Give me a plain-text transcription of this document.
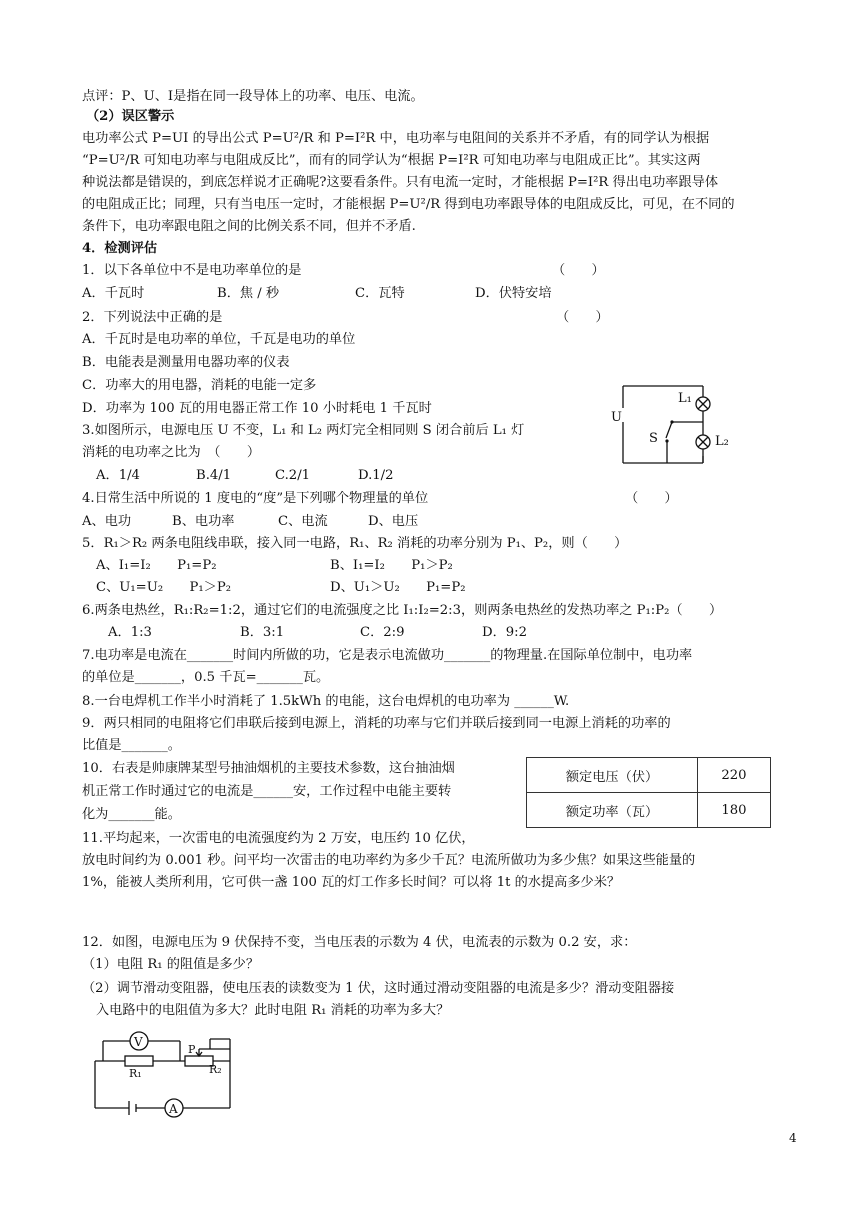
点评：P、U、I是指在同一段导体上的功率、电压、电流。
（2）误区警示
电功率公式 P=UI 的导出公式 P=U²/R 和 P=I²R 中，电功率与电阻间的关系并不矛盾，有的同学认为根据
“P=U²/R 可知电功率与电阻成反比”，而有的同学认为“根据 P=I²R 可知电功率与电阻成正比”。其实这两
种说法都是错误的，到底怎样说才正确呢?这要看条件。只有电流一定时，才能根据 P=I²R 得出电功率跟导体
的电阻成正比；同理，只有当电压一定时，才能根据 P=U²/R 得到电功率跟导体的电阻成反比，可见，在不同的
条件下，电功率跟电阻之间的比例关系不同，但并不矛盾.
4．检测评估
1．以下各单位中不是电功率单位的是	（　　）
A．千瓦时	B．焦 / 秒	C．瓦特	D．伏特安培
2．下列说法中正确的是	（　　）
A．千瓦时是电功率的单位，千瓦是电功的单位
B．电能表是测量用电器功率的仪表
C．功率大的用电器，消耗的电能一定多
D．功率为 100 瓦的用电器正常工作 10 小时耗电 1 千瓦时
3.如图所示，电源电压 U 不变，L₁ 和 L₂ 两灯完全相同则 S 闭合前后 L₁ 灯
消耗的电功率之比为　（　　）
A．1/4	B.4/1	C.2/1	D.1/2
U
L₁
L₂
S
4.日常生活中所说的 1 度电的“度”是下列哪个物理量的单位	（　　）
A、电功	B、电功率	C、电流	D、电压
5．R₁＞R₂ 两条电阻线串联，接入同一电路，R₁、R₂ 消耗的功率分别为 P₁、P₂，则（　　）
A、I₁=I₂　　P₁=P₂	B、I₁=I₂　　P₁＞P₂
C、U₁=U₂　　P₁＞P₂	D、U₁＞U₂　　P₁=P₂
6.两条电热丝，R₁:R₂=1:2，通过它们的电流强度之比 I₁:I₂=2:3，则两条电热丝的发热功率之 P₁:P₂（　　）
A．1:3	B．3:1	C．2:9	D．9:2
7.电功率是电流在_______时间内所做的功，它是表示电流做功_______的物理量.在国际单位制中，电功率
的单位是_______，0.5 千瓦=_______瓦。
8.一台电焊机工作半小时消耗了 1.5kWh 的电能，这台电焊机的电功率为 ______W.
9．两只相同的电阻将它们串联后接到电源上，消耗的功率与它们并联后接到同一电源上消耗的功率的
比值是_______。
10．右表是帅康牌某型号抽油烟机的主要技术参数，这台抽油烟
机正常工作时通过它的电流是______安，工作过程中电能主要转
化为_______能。
额定电压（伏）	220
额定功率（瓦）	180
11.平均起来，一次雷电的电流强度约为 2 万安，电压约 10 亿伏，
放电时间约为 0.001 秒。问平均一次雷击的电功率约为多少千瓦？电流所做功为多少焦？如果这些能量的
1%，能被人类所利用，它可供一盏 100 瓦的灯工作多长时间？可以将 1t 的水提高多少米？
12．如图，电源电压为 9 伏保持不变，当电压表的示数为 4 伏，电流表的示数为 0.2 安，求：
（1）电阻 R₁ 的阻值是多少？
（2）调节滑动变阻器，使电压表的读数变为 1 伏，这时通过滑动变阻器的电流是多少？滑动变阻器接
入电路中的电阻值为多大？此时电阻 R₁ 消耗的功率为多大？
V
A
P
R₁	R₂
4
